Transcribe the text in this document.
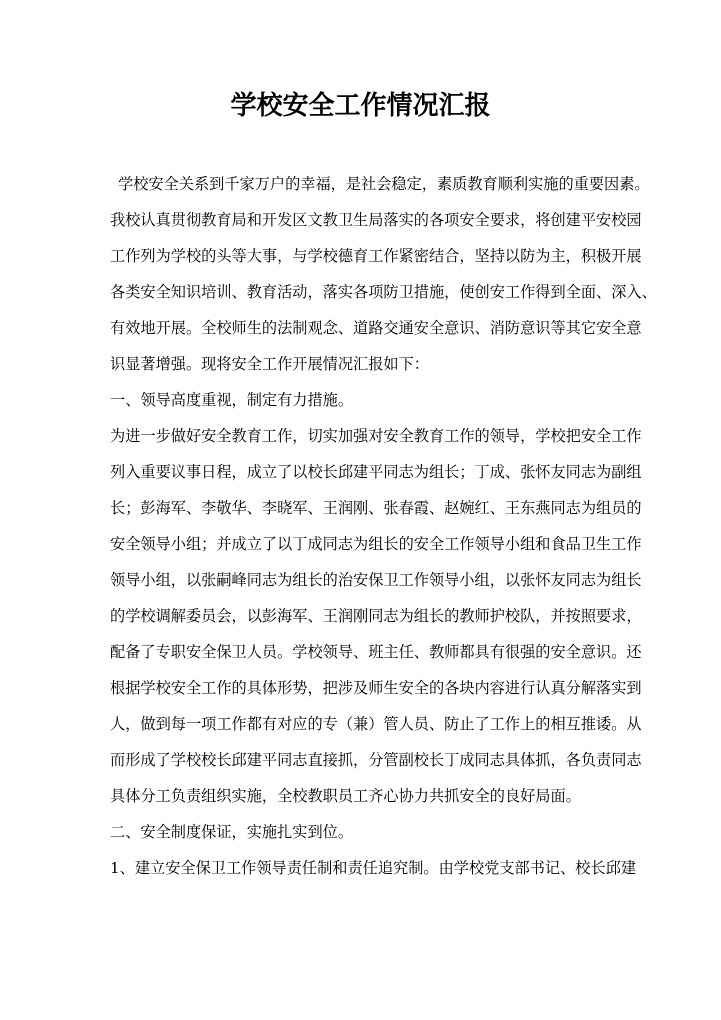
学校安全工作情况汇报
学校安全关系到千家万户的幸福，是社会稳定，素质教育顺利实施的重要因素。
我校认真贯彻教育局和开发区文教卫生局落实的各项安全要求，将创建平安校园
工作列为学校的头等大事，与学校德育工作紧密结合，坚持以防为主，积极开展
各类安全知识培训、教育活动，落实各项防卫措施，使创安工作得到全面、深入、
有效地开展。全校师生的法制观念、道路交通安全意识、消防意识等其它安全意
识显著增强。现将安全工作开展情况汇报如下：
一、领导高度重视，制定有力措施。
为进一步做好安全教育工作，切实加强对安全教育工作的领导，学校把安全工作
列入重要议事日程，成立了以校长邱建平同志为组长；丁成、张怀友同志为副组
长；彭海军、李敬华、李晓军、王润刚、张春霞、赵婉红、王东燕同志为组员的
安全领导小组；并成立了以丁成同志为组长的安全工作领导小组和食品卫生工作
领导小组，以张嗣峰同志为组长的治安保卫工作领导小组，以张怀友同志为组长
的学校调解委员会，以彭海军、王润刚同志为组长的教师护校队，并按照要求，
配备了专职安全保卫人员。学校领导、班主任、教师都具有很强的安全意识。还
根据学校安全工作的具体形势，把涉及师生安全的各块内容进行认真分解落实到
人，做到每一项工作都有对应的专（兼）管人员、防止了工作上的相互推诿。从
而形成了学校校长邱建平同志直接抓，分管副校长丁成同志具体抓，各负责同志
具体分工负责组织实施，全校教职员工齐心协力共抓安全的良好局面。
二、安全制度保证，实施扎实到位。
1、建立安全保卫工作领导责任制和责任追究制。由学校党支部书记、校长邱建
